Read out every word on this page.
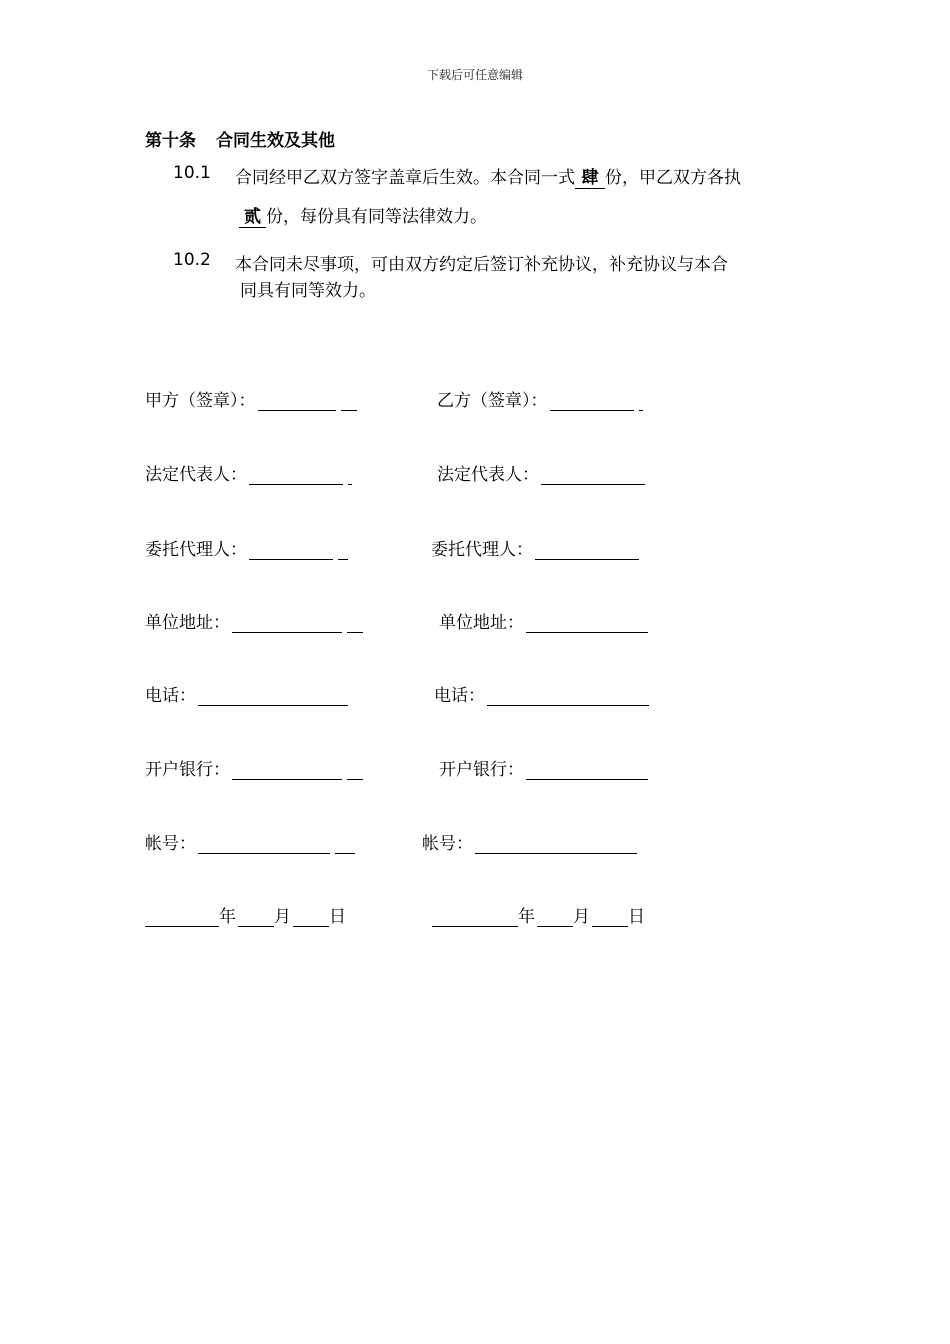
下载后可任意编辑
第十条 合同生效及其他
10.1 合同经甲乙双方签字盖章后生效。本合同一式 肆 份，甲乙双方各执
贰 份，每份具有同等法律效力。
10.2 本合同未尽事项，可由双方约定后签订补充协议，补充协议与本合
同具有同等效力。
甲方（签章）：
法定代表人：
委托代理人：
单位地址：
电话：
开户银行：
帐号：
乙方（签章）：
法定代表人：
委托代理人：
单位地址：
电话：
开户银行：
帐号：
年 月 日	年 月 日
